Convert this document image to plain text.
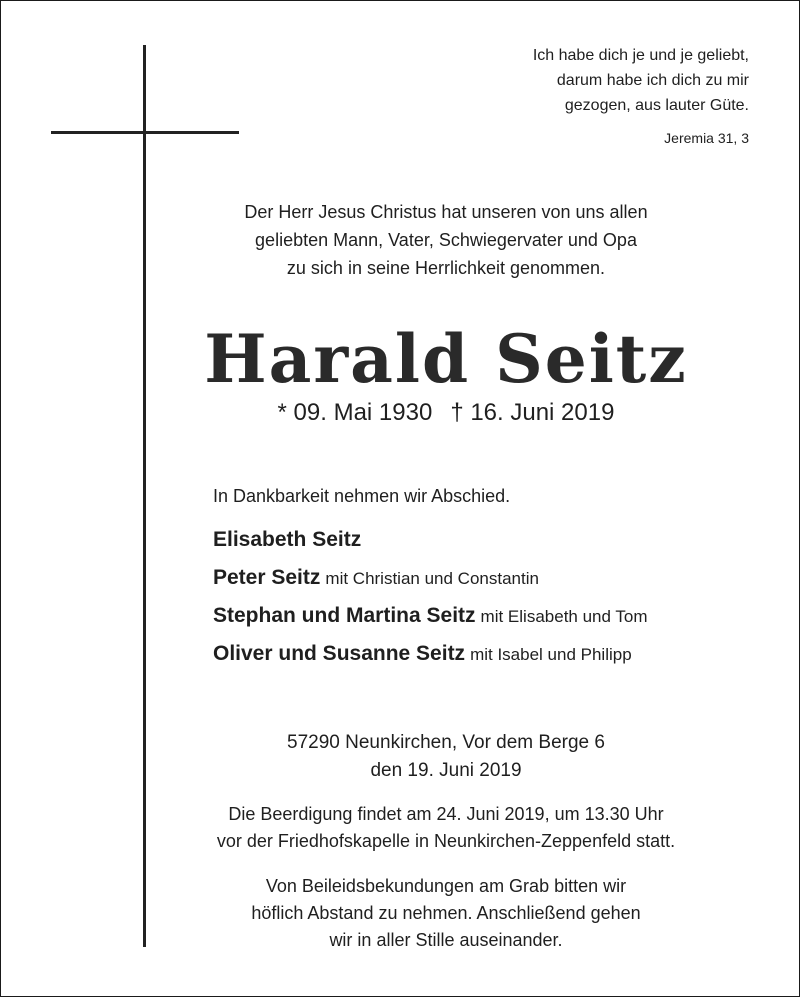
Ich habe dich je und je geliebt,
darum habe ich dich zu mir
gezogen, aus lauter Güte.
Jeremia 31, 3
Der Herr Jesus Christus hat unseren von uns allen
geliebten Mann, Vater, Schwiegervater und Opa
zu sich in seine Herrlichkeit genommen.
Harald Seitz
* 09. Mai 1930 † 16. Juni 2019
In Dankbarkeit nehmen wir Abschied.
Elisabeth Seitz
Peter Seitz mit Christian und Constantin
Stephan und Martina Seitz mit Elisabeth und Tom
Oliver und Susanne Seitz mit Isabel und Philipp
57290 Neunkirchen, Vor dem Berge 6
den 19. Juni 2019
Die Beerdigung findet am 24. Juni 2019, um 13.30 Uhr
vor der Friedhofskapelle in Neunkirchen-Zeppenfeld statt.
Von Beileidsbekundungen am Grab bitten wir
höflich Abstand zu nehmen. Anschließend gehen
wir in aller Stille auseinander.
